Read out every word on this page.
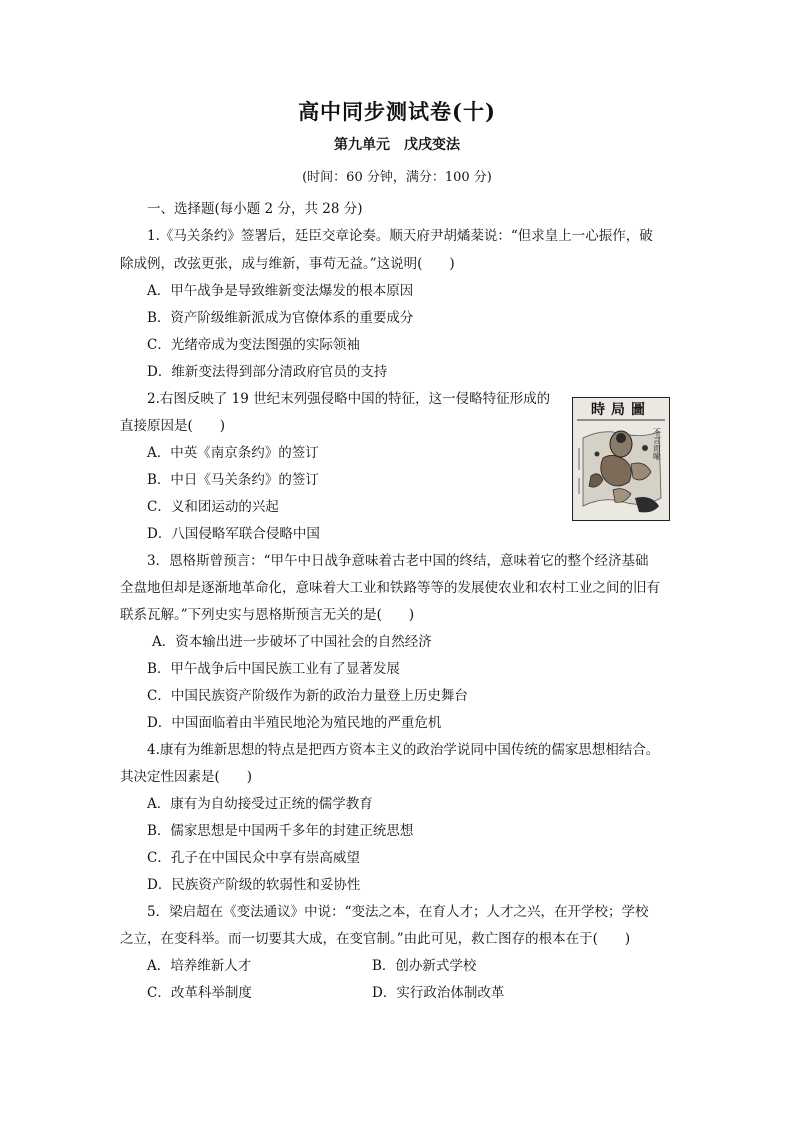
高中同步测试卷(十)
第九单元　戊戌变法
(时间：60 分钟，满分：100 分)
一、选择题(每小题 2 分，共 28 分)
1.《马关条约》签署后，廷臣交章论奏。顺天府尹胡燏棻说：“但求皇上一心振作，破
除成例，改弦更张，成与维新，事苟无益。”这说明(　　)
A．甲午战争是导致维新变法爆发的根本原因
B．资产阶级维新派成为官僚体系的重要成分
C．光绪帝成为变法图强的实际领袖
D．维新变法得到部分清政府官员的支持
2.右图反映了 19 世纪末列强侵略中国的特征，这一侵略特征形成的
直接原因是(　　)
A．中英《南京条约》的签订
B．中日《马关条约》的签订
C．义和团运动的兴起
D．八国侵略军联合侵略中国
時局圖
不言而喻
3．恩格斯曾预言：“甲午中日战争意味着古老中国的终结，意味着它的整个经济基础
全盘地但却是逐渐地革命化，意味着大工业和铁路等等的发展使农业和农村工业之间的旧有
联系瓦解。”下列史实与恩格斯预言无关的是(　　)
A．资本输出进一步破坏了中国社会的自然经济
B．甲午战争后中国民族工业有了显著发展
C．中国民族资产阶级作为新的政治力量登上历史舞台
D．中国面临着由半殖民地沦为殖民地的严重危机
4.康有为维新思想的特点是把西方资本主义的政治学说同中国传统的儒家思想相结合。
其决定性因素是(　　)
A．康有为自幼接受过正统的儒学教育
B．儒家思想是中国两千多年的封建正统思想
C．孔子在中国民众中享有崇高威望
D．民族资产阶级的软弱性和妥协性
5．梁启超在《变法通议》中说：“变法之本，在育人才；人才之兴，在开学校；学校
之立，在变科举。而一切要其大成，在变官制。”由此可见，救亡图存的根本在于(　　)
A．培养维新人才	B．创办新式学校
C．改革科举制度	D．实行政治体制改革
